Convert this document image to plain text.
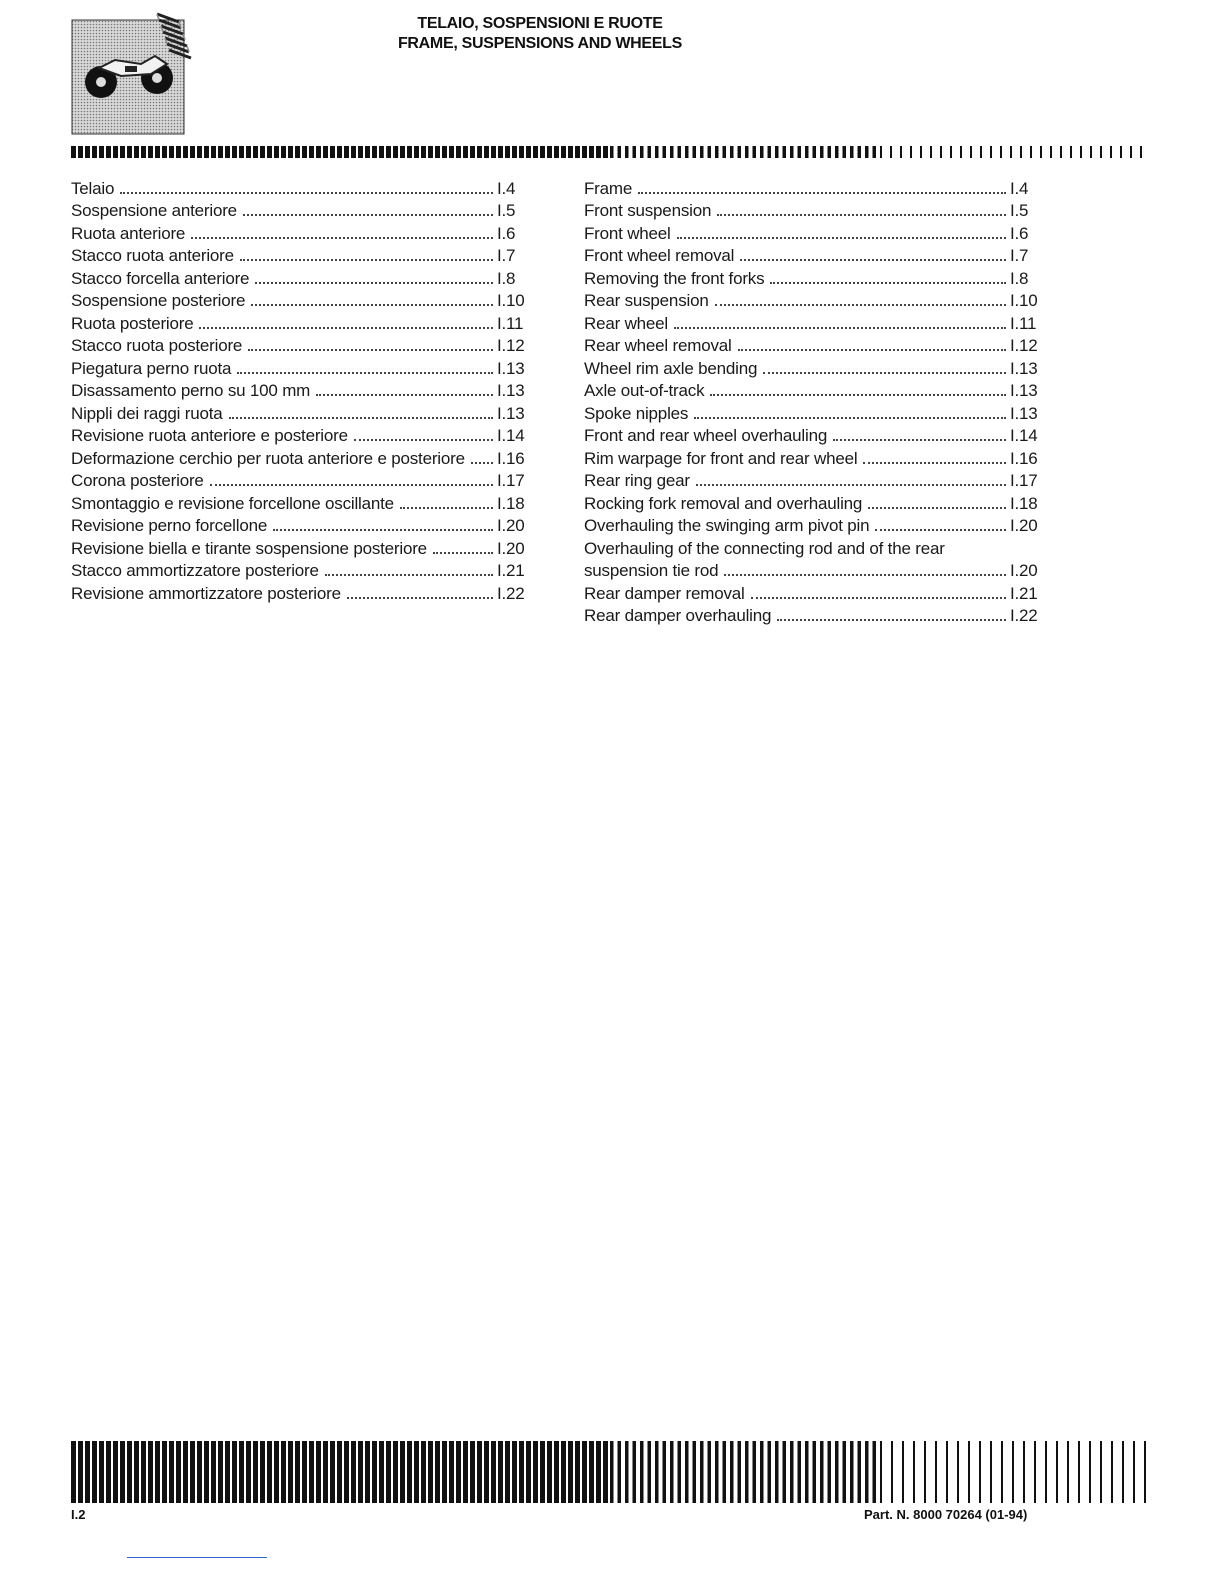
TELAIO, SOSPENSIONI E RUOTE
FRAME, SUSPENSIONS AND WHEELS
Telaio	I.4
Sospensione anteriore	I.5
Ruota anteriore	I.6
Stacco ruota anteriore	I.7
Stacco forcella anteriore	I.8
Sospensione posteriore	I.10
Ruota posteriore	I.11
Stacco ruota posteriore	I.12
Piegatura perno ruota	I.13
Disassamento perno su 100 mm	I.13
Nippli dei raggi ruota	I.13
Revisione ruota anteriore e posteriore	I.14
Deformazione cerchio per ruota anteriore e posteriore I.16
Corona posteriore	I.17
Smontaggio e revisione forcellone oscillante	I.18
Revisione perno forcellone	I.20
Revisione biella e tirante sospensione posteriore	I.20
Stacco ammortizzatore posteriore	I.21
Revisione ammortizzatore posteriore	I.22
Frame	I.4
Front suspension	I.5
Front wheel	I.6
Front wheel removal	I.7
Removing the front forks	I.8
Rear suspension	I.10
Rear wheel	I.11
Rear wheel removal	I.12
Wheel rim axle bending	I.13
Axle out-of-track	I.13
Spoke nipples	I.13
Front and rear wheel overhauling	I.14
Rim warpage for front and rear wheel	I.16
Rear ring gear	I.17
Rocking fork removal and overhauling	I.18
Overhauling the swinging arm pivot pin	I.20
Overhauling of the connecting rod and of the rear
suspension tie rod	I.20
Rear damper removal	I.21
Rear damper overhauling	I.22
I.2	Part. N. 8000 70264 (01-94)
